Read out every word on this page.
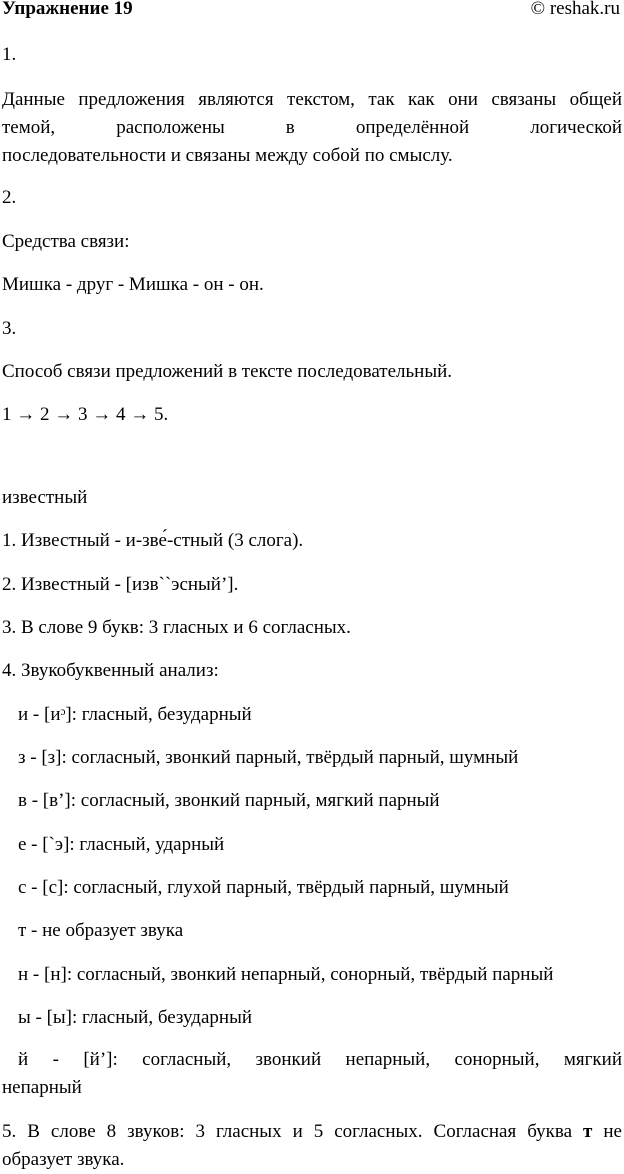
Упражнение 19	© reshak.ru
1.
Данные предложения являются текстом, так как они связаны общей
темой, расположены в определённой логической
последовательности и связаны между собой по смыслу.
2.
Средства связи:
Мишка - друг - Мишка - он - он.
3.
Способ связи предложений в тексте последовательный.
1 → 2 → 3 → 4 → 5.
известный
1. Известный - и-зве́-стный (3 слога).
2. Известный - [изв``эсный’].
3. В слове 9 букв: 3 гласных и 6 согласных.
4. Звукобуквенный анализ:
и - [иᵓ]: гласный, безударный
з - [з]: согласный, звонкий парный, твёрдый парный, шумный
в - [в’]: согласный, звонкий парный, мягкий парный
е - [`э]: гласный, ударный
с - [с]: согласный, глухой парный, твёрдый парный, шумный
т - не образует звука
н - [н]: согласный, звонкий непарный, сонорный, твёрдый парный
ы - [ы]: гласный, безударный
й - [й’]: согласный, звонкий непарный, сонорный, мягкий
непарный
5. В слове 8 звуков: 3 гласных и 5 согласных. Согласная буква т не
образует звука.
